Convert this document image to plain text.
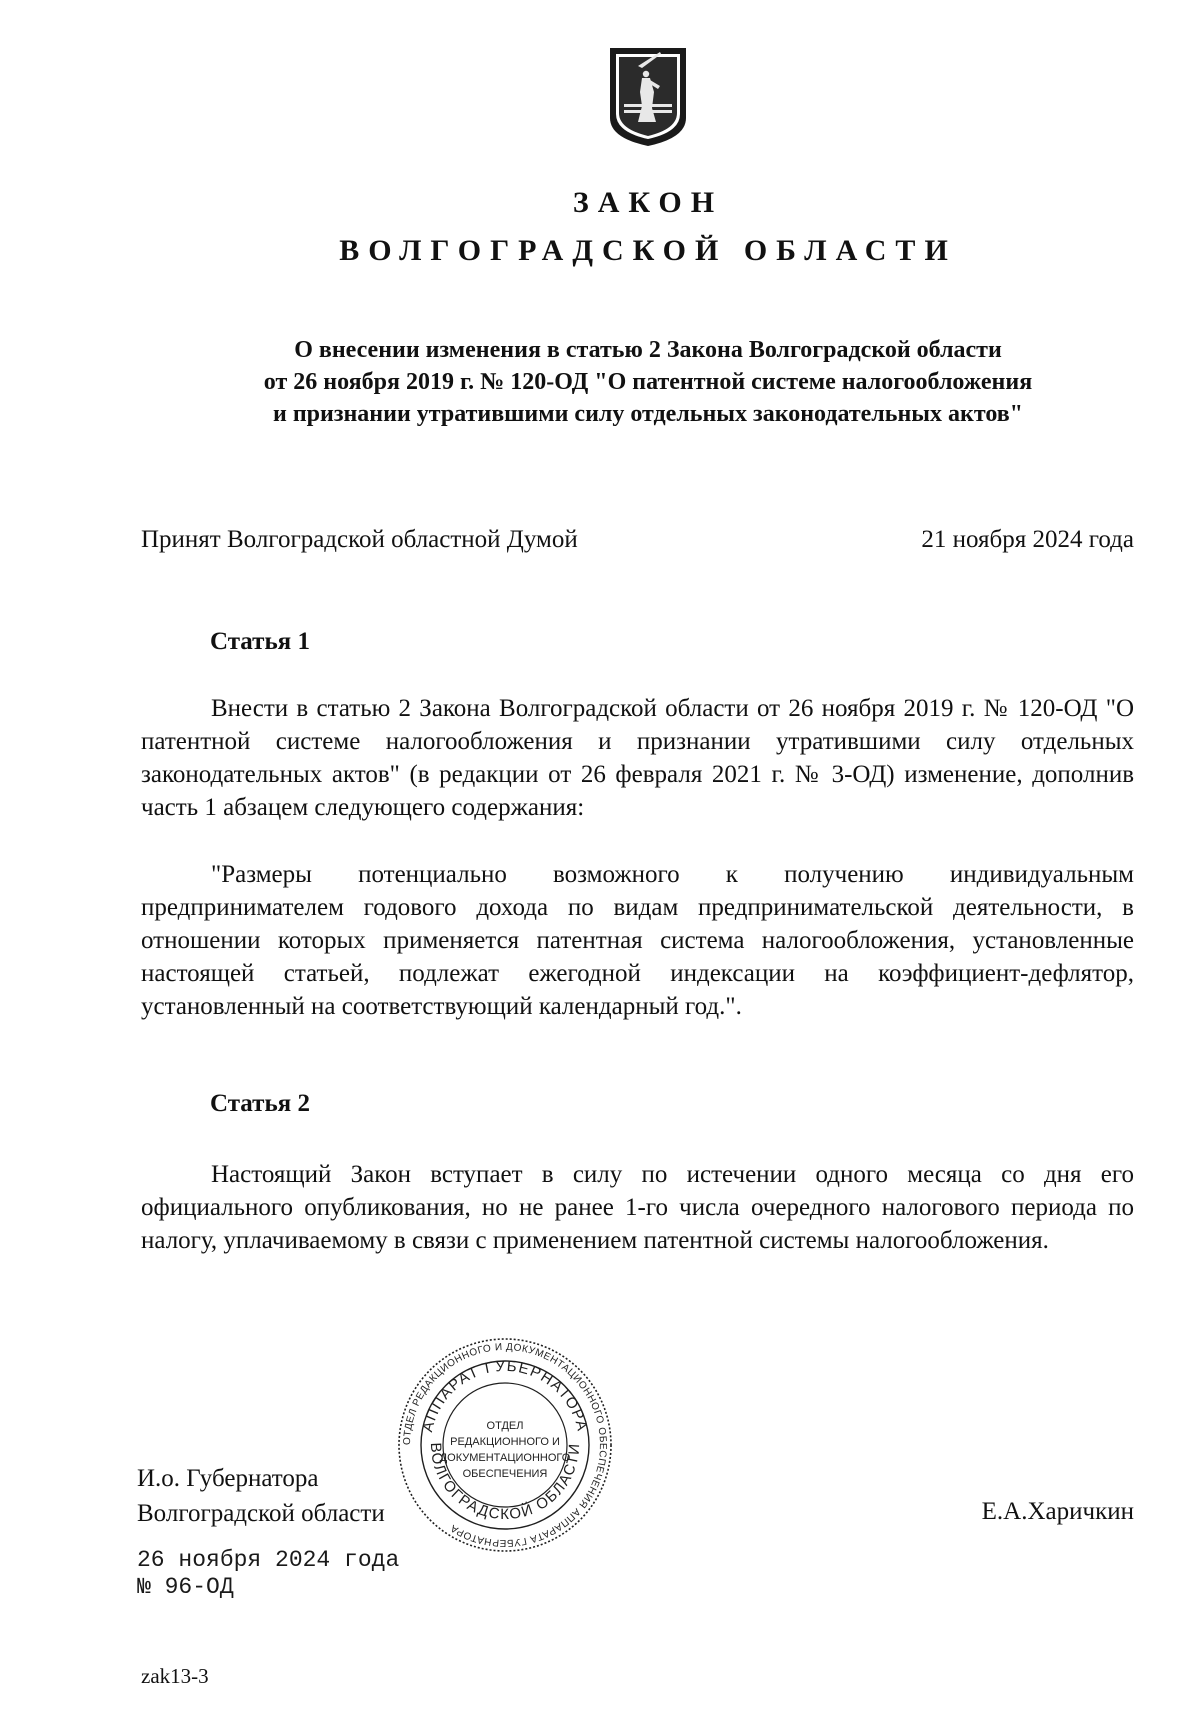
ЗАКОН
ВОЛГОГРАДСКОЙ ОБЛАСТИ
О внесении изменения в статью 2 Закона Волгоградской области
от 26 ноября 2019 г. № 120-ОД "О патентной системе налогообложения
и признании утратившими силу отдельных законодательных актов"
Принят Волгоградской областной Думой	21 ноября 2024 года
Статья 1
Внести в статью 2 Закона Волгоградской области от 26 ноября 2019 г. № 120-ОД "О патентной системе налогообложения и признании утратившими силу отдельных законодательных актов" (в редакции от 26 февраля 2021 г. № 3-ОД) изменение, дополнив часть 1 абзацем следующего содержания:
"Размеры потенциально возможного к получению индивидуальным предпринимателем годового дохода по видам предпринимательской деятельности, в отношении которых применяется патентная система налогообложения, установленные настоящей статьей, подлежат ежегодной индексации на коэффициент-дефлятор, установленный на соответствующий календарный год.".
Статья 2
Настоящий Закон вступает в силу по истечении одного месяца со дня его официального опубликования, но не ранее 1-го числа очередного налогового периода по налогу, уплачиваемому в связи с применением патентной системы налогообложения.
И.о. Губернатора
Волгоградской области	Е.А.Харичкин
26 ноября 2024 года
№ 96-ОД
ОТДЕЛ РЕДАКЦИОННОГО И ДОКУМЕНТАЦИОННОГО ОБЕСПЕЧЕНИЯ АППАРАТА ГУБЕРНАТОРА
АППАРАТ ГУБЕРНАТОРА
ВОЛГОГРАДСКОЙ ОБЛАСТИ
ОТДЕЛ
РЕДАКЦИОННОГО И
ДОКУМЕНТАЦИОННОГО
ОБЕСПЕЧЕНИЯ
zak13-3
